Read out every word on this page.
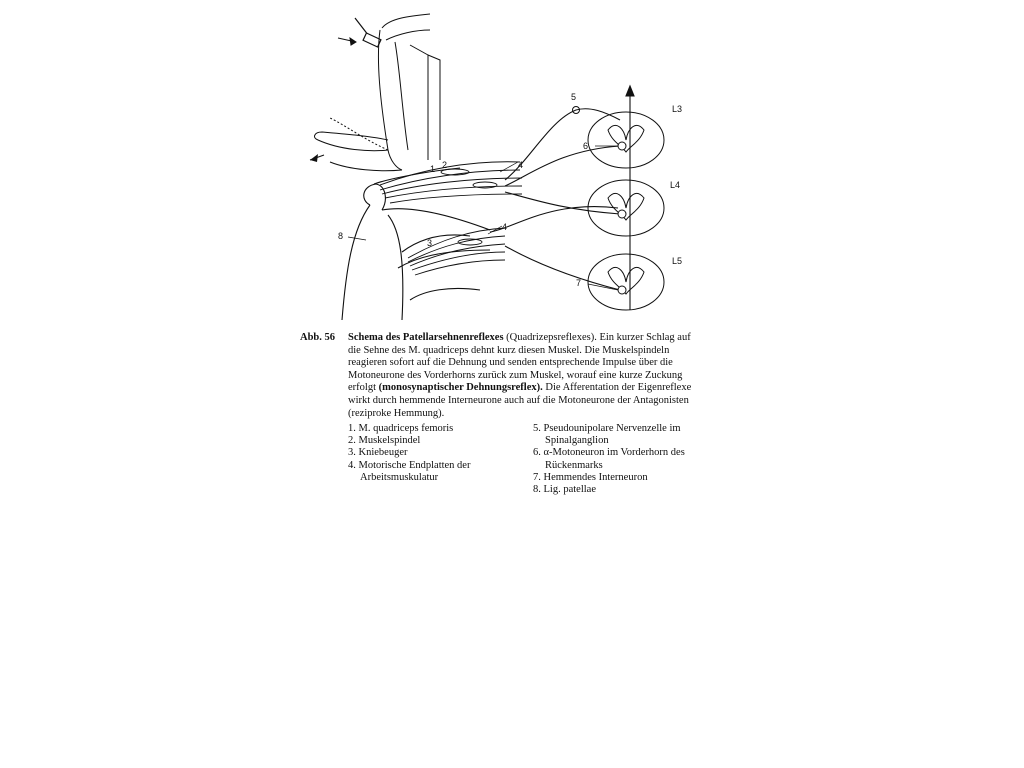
1 2
3
4
4
5
6
7
8
L3
L4
L5
Abb. 56 Schema des Patellarsehnenreflexes (Quadrizepsreflexes). Ein kurzer Schlag auf
die Sehne des M. quadriceps dehnt kurz diesen Muskel. Die Muskelspindeln reagieren sofort auf die Dehnung und senden entsprechende Impulse über die Motoneurone des Vorderhorns zurück zum Muskel, worauf eine kurze Zuckung erfolgt (monosynaptischer Dehnungsreflex). Die Afferentation der Eigenreflexe wirkt durch hemmende Interneurone auch auf die Motoneurone der Antagonisten (reziproke Hemmung).
1. M. quadriceps femoris
2. Muskelspindel
3. Kniebeuger
4. Motorische Endplatten der
Arbeitsmuskulatur
5. Pseudounipolare Nervenzelle im
Spinalganglion
6. α-Motoneuron im Vorderhorn des
Rückenmarks
7. Hemmendes Interneuron
8. Lig. patellae
